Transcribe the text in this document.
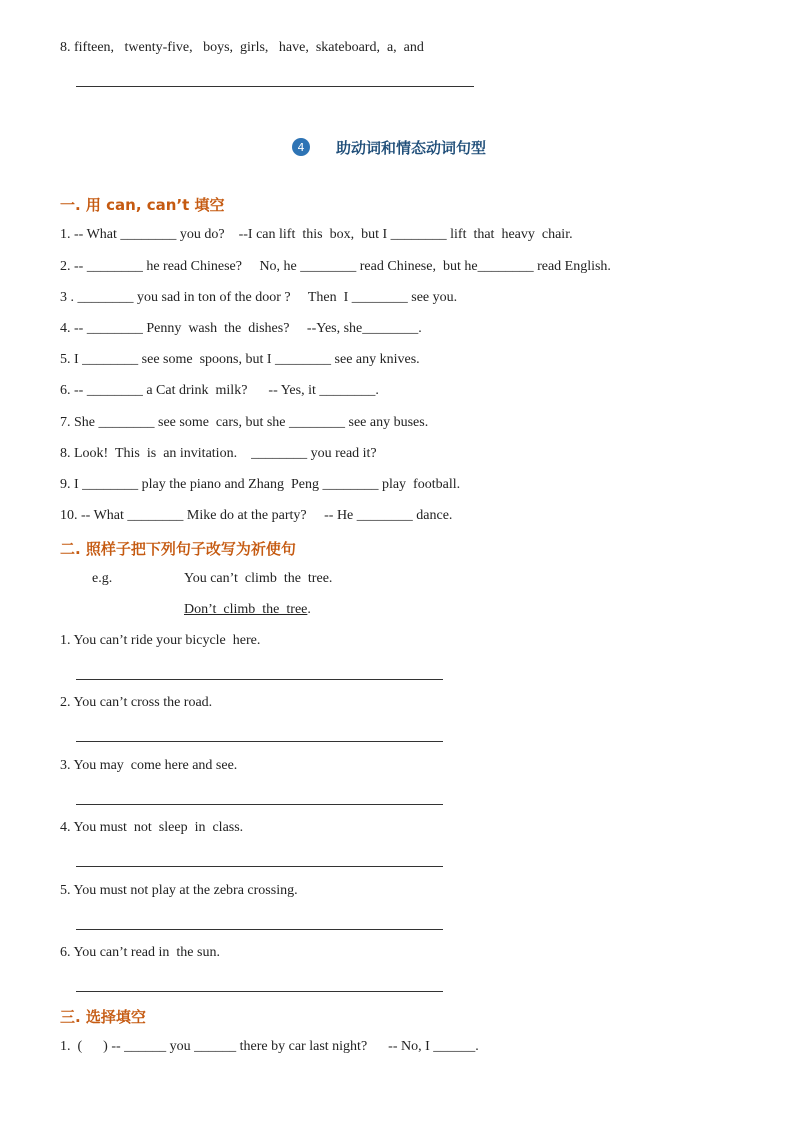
8. fifteen,   twenty-five,   boys,  girls,   have,  skateboard,  a,  and
4	助动词和情态动词句型
一. 用 can, can’t 填空
1. -- What ________ you do?    --I can lift  this  box,  but I ________ lift  that  heavy  chair.
2. -- ________ he read Chinese?     No, he ________ read Chinese,  but he________ read English.
3 . ________ you sad in ton of the door ?     Then  I ________ see you.
4. -- ________ Penny  wash  the  dishes?     --Yes, she________.
5. I ________ see some  spoons, but I ________ see any knives.
6. -- ________ a Cat drink  milk?      -- Yes, it ________.
7. She ________ see some  cars, but she ________ see any buses.
8. Look!  This  is  an invitation.    ________ you read it?
9. I ________ play the piano and Zhang  Peng ________ play  football.
10. -- What ________ Mike do at the party?     -- He ________ dance.
二. 照样子把下列句子改写为祈使句
e.g.	You can’t  climb  the  tree.
Don’t  climb  the  tree.
1. You can’t ride your bicycle  here.
2. You can’t cross the road.
3. You may  come here and see.
4. You must  not  sleep  in  class.
5. You must not play at the zebra crossing.
6. You can’t read in  the sun.
三. 选择填空
1.  (      ) -- ______ you ______ there by car last night?      -- No, I ______.
